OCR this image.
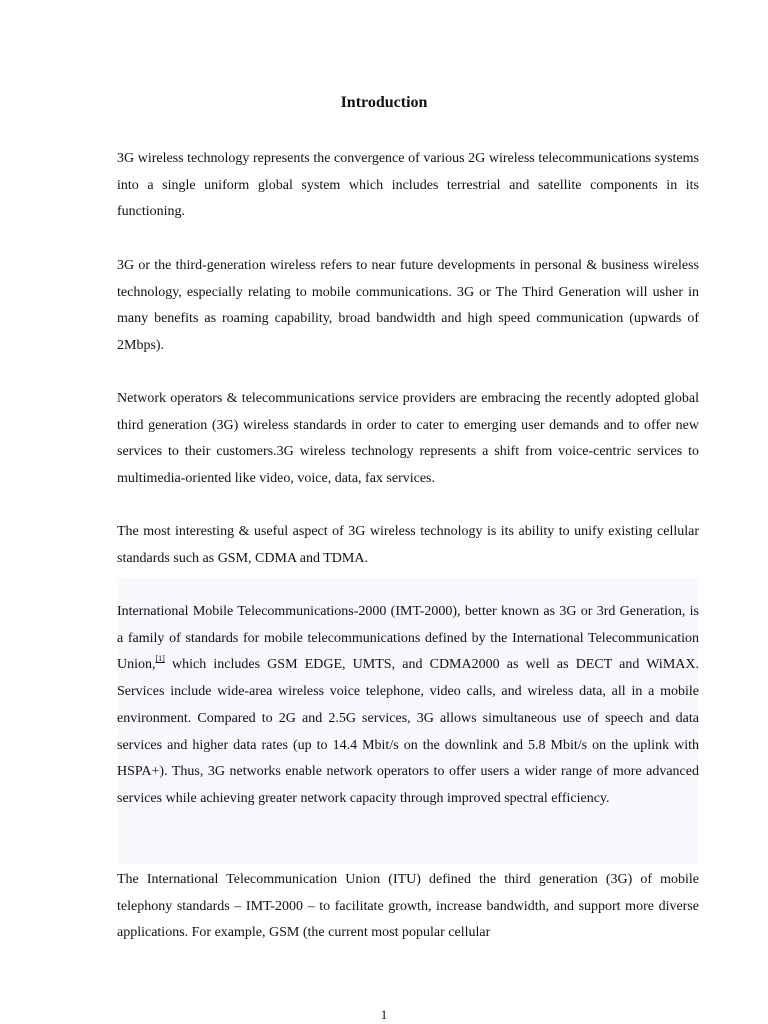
Introduction

3G wireless technology represents the convergence of various 2G wireless telecommunications systems into a single uniform global system which includes terrestrial and satellite components in its functioning.

3G or the third-generation wireless refers to near future developments in personal & business wireless technology, especially relating to mobile communications. 3G or The Third Generation will usher in many benefits as roaming capability, broad bandwidth and high speed communication (upwards of 2Mbps).

Network operators & telecommunications service providers are embracing the recently adopted global third generation (3G) wireless standards in order to cater to emerging user demands and to offer new services to their customers.3G wireless technology represents a shift from voice-centric services to multimedia-oriented like video, voice, data, fax services.

The most interesting & useful aspect of 3G wireless technology is its ability to unify existing cellular standards such as GSM, CDMA and TDMA.

International Mobile Telecommunications-2000 (IMT-2000), better known as 3G or 3rd Generation, is a family of standards for mobile telecommunications defined by the International Telecommunication Union,[1] which includes GSM EDGE, UMTS, and CDMA2000 as well as DECT and WiMAX. Services include wide-area wireless voice telephone, video calls, and wireless data, all in a mobile environment. Compared to 2G and 2.5G services, 3G allows simultaneous use of speech and data services and higher data rates (up to 14.4 Mbit/s on the downlink and 5.8 Mbit/s on the uplink with HSPA+). Thus, 3G networks enable network operators to offer users a wider range of more advanced services while achieving greater network capacity through improved spectral efficiency.

The International Telecommunication Union (ITU) defined the third generation (3G) of mobile telephony standards – IMT-2000 – to facilitate growth, increase bandwidth, and support more diverse applications. For example, GSM (the current most popular cellular

1
